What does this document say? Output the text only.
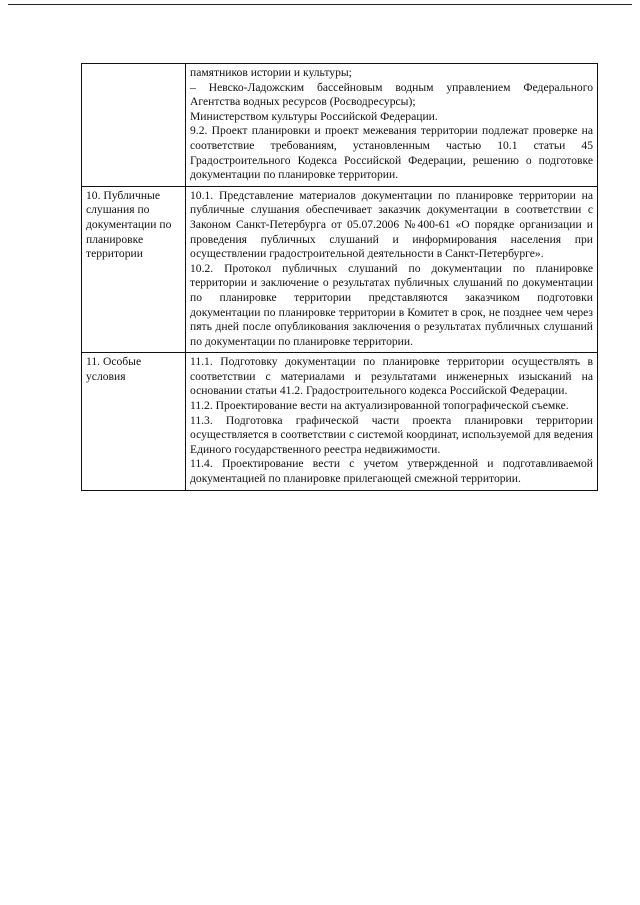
	памятников истории и культуры;

– Невско-Ладожским бассейновым водным управлением Федерального Агентства водных ресурсов (Росводресурсы);

Министерством культуры Российской Федерации.

9.2. Проект планировки и проект межевания территории подлежат проверке на соответствие требованиям, установленным частью 10.1 статьи 45 Градостроительного Кодекса Российской Федерации, решению о подготовке документации по планировке территории.

10. Публичные слушания по документации по планировке территории	10.1. Представление материалов документации по планировке территории на публичные слушания обеспечивает заказчик документации в соответствии с Законом Санкт-Петербурга от 05.07.2006 №400-61 «О порядке организации и проведения публичных слушаний и информирования населения при осуществлении градостроительной деятельности в Санкт-Петербурге».

10.2. Протокол публичных слушаний по документации по планировке территории и заключение о результатах публичных слушаний по документации по планировке территории представляются заказчиком подготовки документации по планировке территории в Комитет в срок, не позднее чем через пять дней после опубликования заключения о результатах публичных слушаний по документации по планировке территории.

11. Особые условия	11.1. Подготовку документации по планировке территории осуществлять в соответствии с материалами и результатами инженерных изысканий на основании статьи 41.2. Градостроительного кодекса Российской Федерации.

11.2. Проектирование вести на актуализированной топографической съемке.

11.3. Подготовка графической части проекта планировки территории осуществляется в соответствии с системой координат, используемой для ведения Единого государственного реестра недвижимости.

11.4. Проектирование вести с учетом утвержденной и подготавливаемой документацией по планировке прилегающей смежной территории.
